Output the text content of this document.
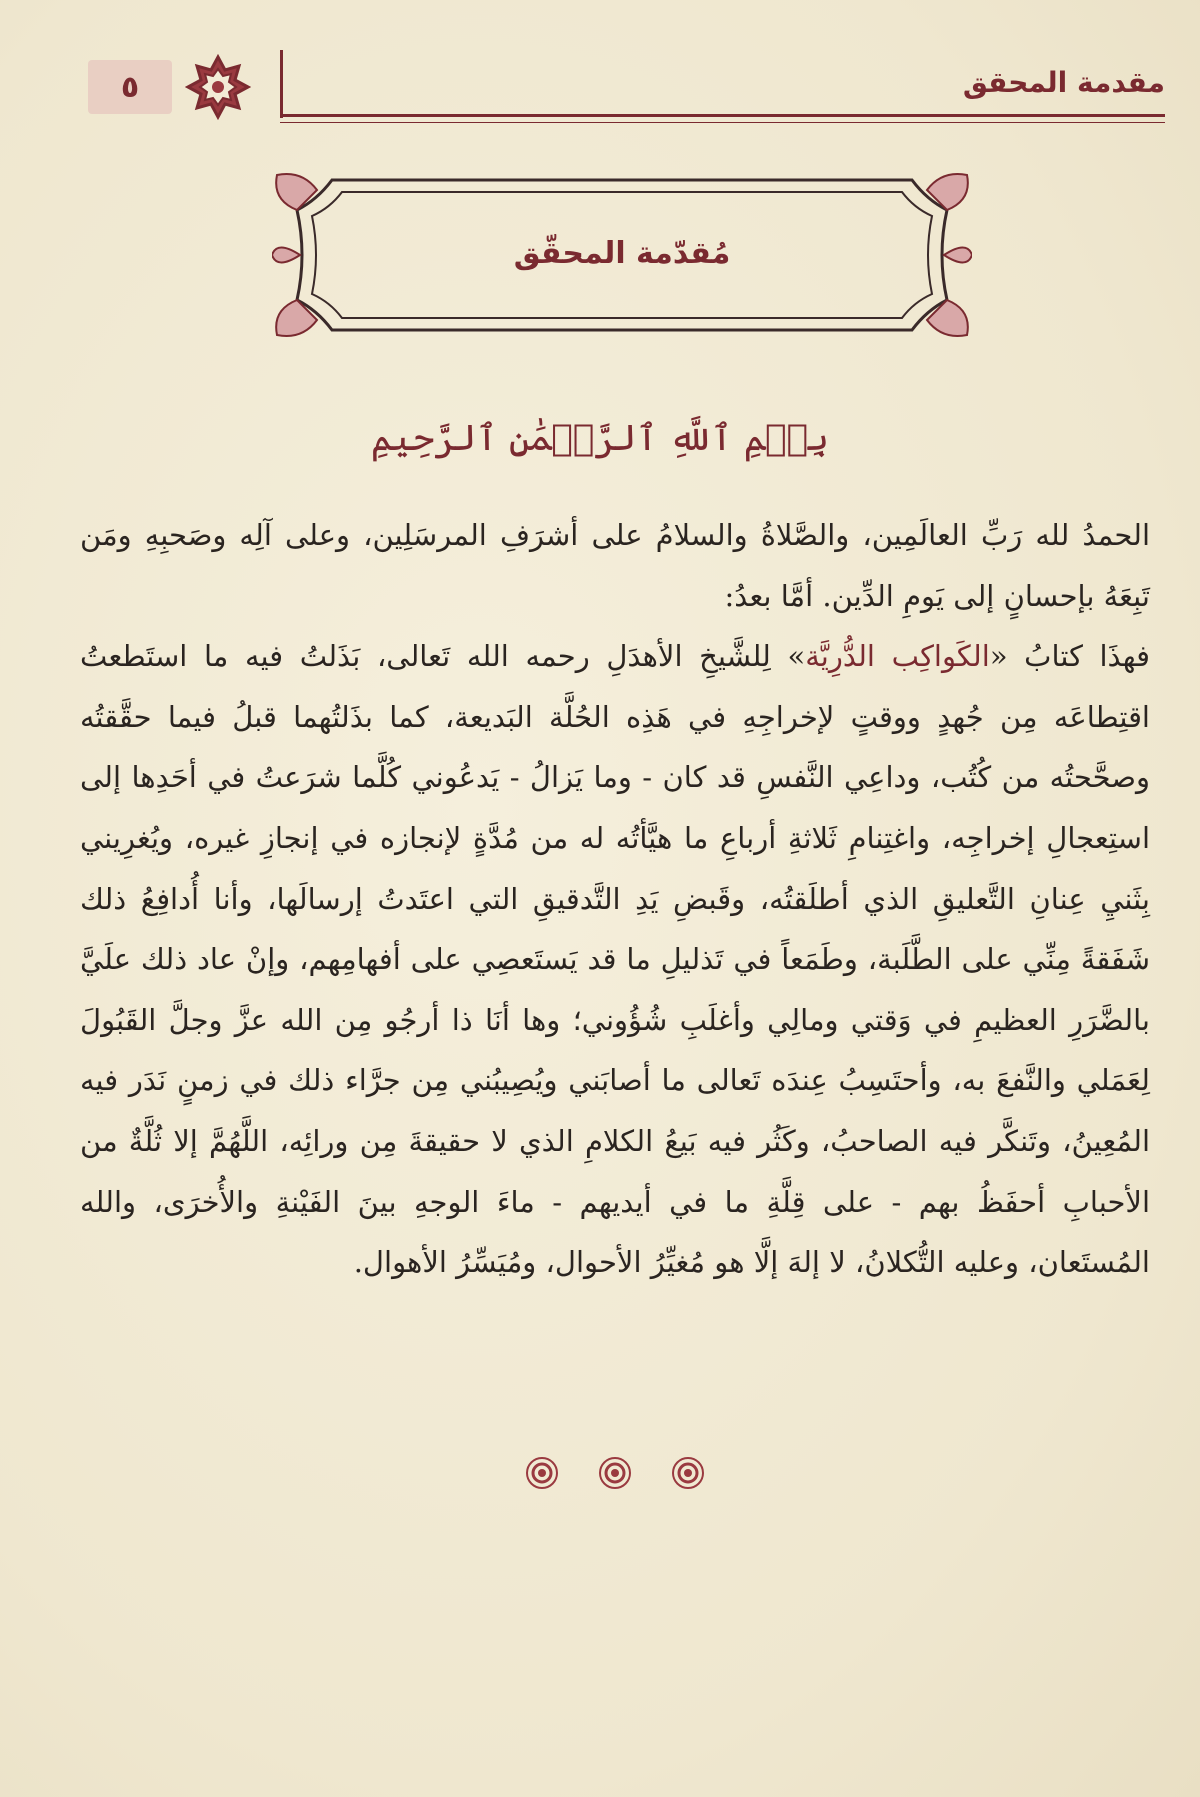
مقدمة المحقق
٥
مُقدّمة المحقّق
بِسۡمِ ٱللَّهِ ٱلرَّحۡمَٰنِ ٱلرَّحِيمِ

الحمدُ لله رَبِّ العالَمِين، والصَّلاةُ والسلامُ على أشرَفِ المرسَلِين، وعلى آلِه وصَحبِهِ ومَن تَبِعَهُ بإحسانٍ إلى يَومِ الدِّين. أمَّا بعدُ:

فهذَا كتابُ «الكَواكِب الدُّرِيَّة» لِلشَّيخِ الأهدَلِ رحمه الله تَعالى، بَذَلتُ فيه ما استَطعتُ اقتِطاعَه مِن جُهدٍ ووقتٍ لإخراجِهِ في هَذِه الحُلَّة البَديعة، كما بذَلتُهما قبلُ فيما حقَّقتُه وصحَّحتُه من كُتُب، وداعِي النَّفسِ قد كان - وما يَزالُ - يَدعُوني كُلَّما شرَعتُ في أحَدِها إلى استِعجالِ إخراجِه، واغتِنامِ ثَلاثةِ أرباعِ ما هيَّأتُه له من مُدَّةٍ لإنجازه في إنجازِ غيره، ويُغرِيني بِثَنيِ عِنانِ التَّعليقِ الذي أطلَقتُه، وقَبضِ يَدِ التَّدقيقِ التي اعتَدتُ إرسالَها، وأنا أُدافِعُ ذلك شَفَقةً مِنِّي على الطَّلَبة، وطَمَعاً في تَذليلِ ما قد يَستَعصِي على أفهامِهم، وإنْ عاد ذلك علَيَّ بالضَّرَرِ العظيمِ في وَقتي ومالِي وأغلَبِ شُؤُوني؛ وها أنَا ذا أرجُو مِن الله عزَّ وجلَّ القَبُولَ لِعَمَلي والنَّفعَ به، وأحتَسِبُ عِندَه تَعالى ما أصابَني ويُصِيبُني مِن جرَّاء ذلك في زمنٍ نَدَر فيه المُعِينُ، وتَنكَّر فيه الصاحبُ، وكَثُر فيه بَيعُ الكلامِ الذي لا حقيقةَ مِن ورائِه، اللَّهُمَّ إلا ثُلَّةٌ من الأحبابِ أحفَظُ بهم - على قِلَّةِ ما في أيديهم - ماءَ الوجهِ بينَ الفَيْنةِ والأُخرَى، والله المُستَعان، وعليه التُّكلانُ، لا إلهَ إلَّا هو مُغيِّرُ الأحوال، ومُيَسِّرُ الأهوال.
